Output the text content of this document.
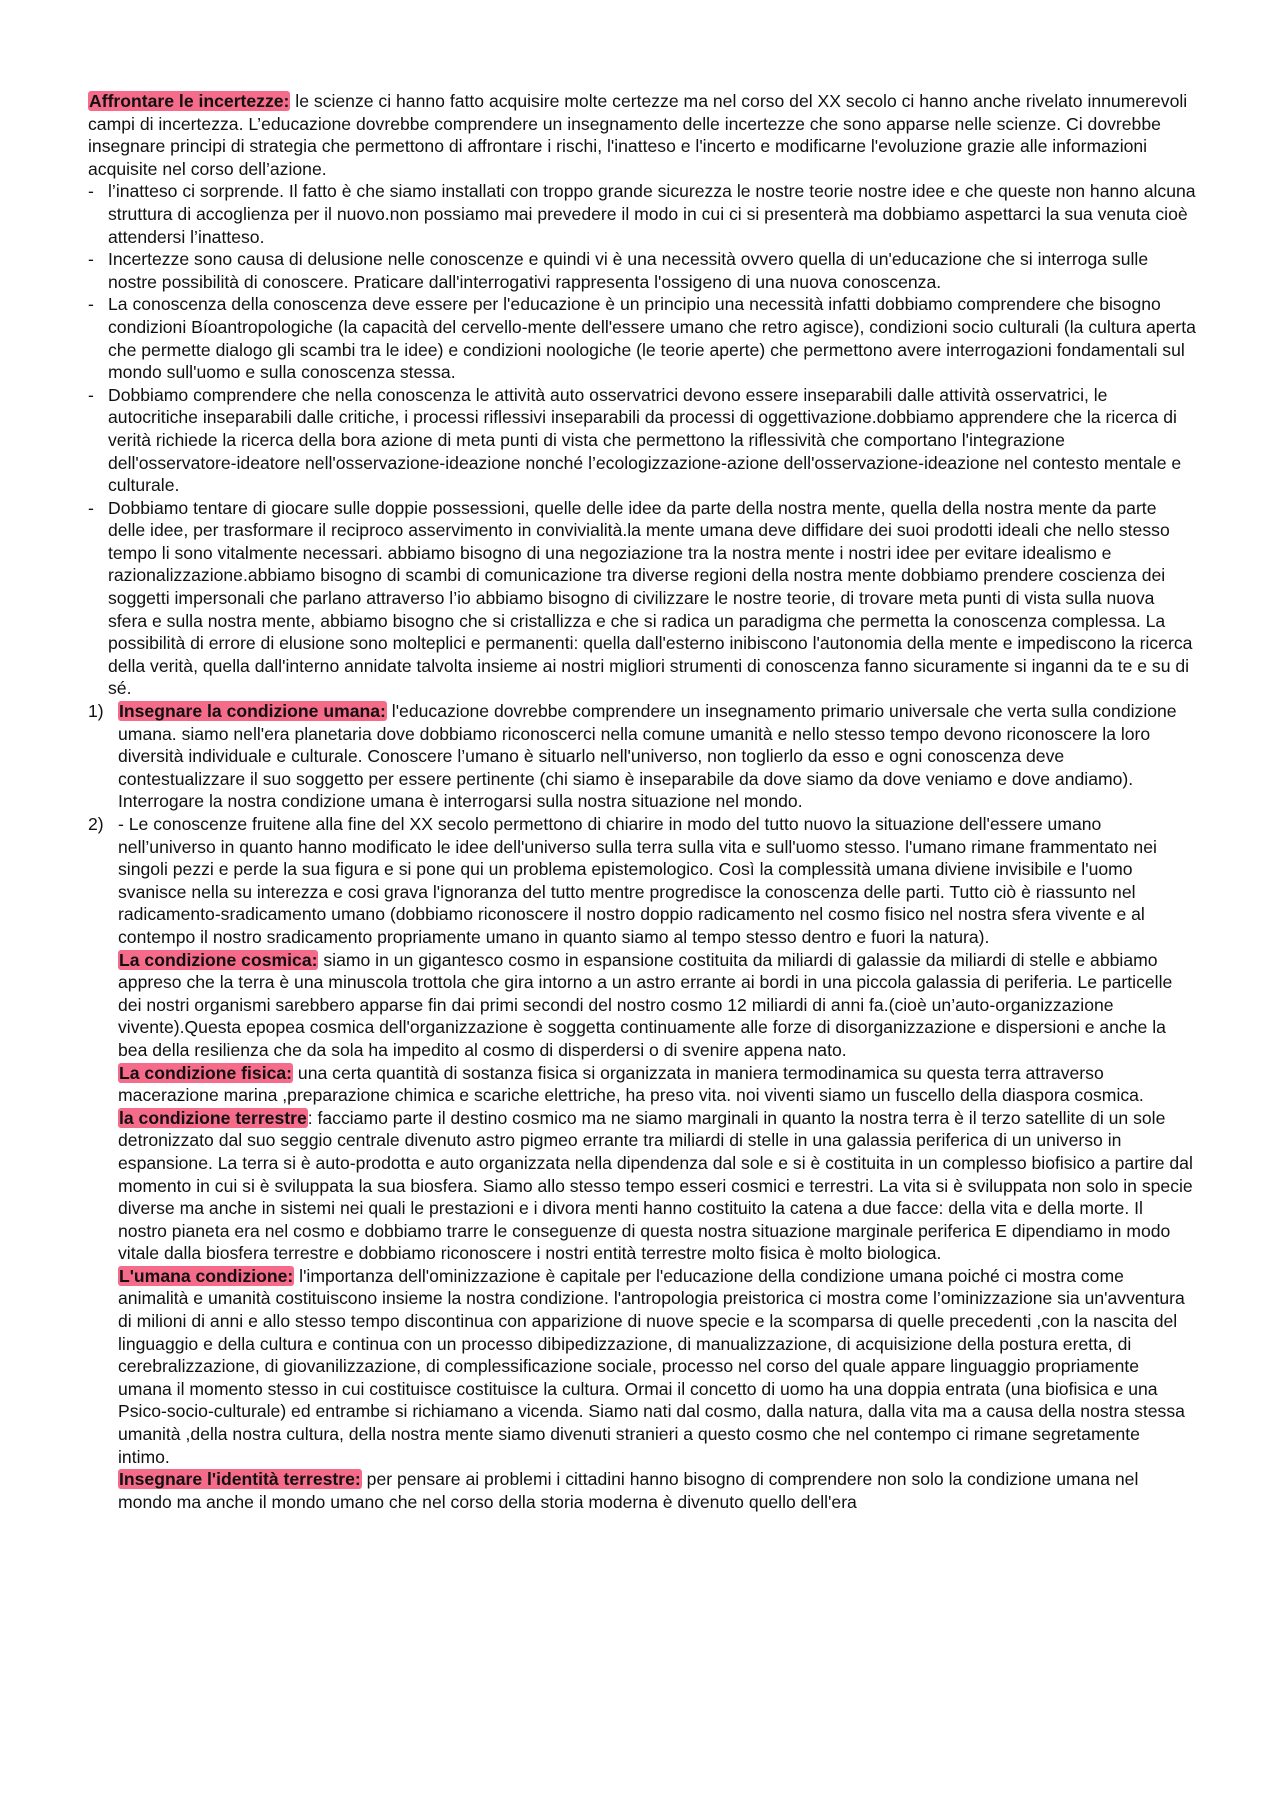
Affrontare le incertezze: le scienze ci hanno fatto acquisire molte certezze ma nel corso del XX secolo ci hanno anche rivelato innumerevoli campi di incertezza. L’educazione dovrebbe comprendere un insegnamento delle incertezze che sono apparse nelle scienze. Ci dovrebbe insegnare principi di strategia che permettono di affrontare i rischi, l'inatteso e l'incerto e modificarne l'evoluzione grazie alle informazioni acquisite nel corso dell’azione.

- l’inatteso ci sorprende. Il fatto è che siamo installati con troppo grande sicurezza le nostre teorie nostre idee e che queste non hanno alcuna struttura di accoglienza per il nuovo.non possiamo mai prevedere il modo in cui ci si presenterà ma dobbiamo aspettarci la sua venuta cioè attendersi l’inatteso.
- Incertezze sono causa di delusione nelle conoscenze e quindi vi è una necessità ovvero quella di un'educazione che si interroga sulle nostre possibilità di conoscere. Praticare dall'interrogativi rappresenta l'ossigeno di una nuova conoscenza.
- La conoscenza della conoscenza deve essere per l'educazione è un principio una necessità infatti dobbiamo comprendere che bisogno condizioni Bíoantropologiche (la capacità del cervello-mente dell'essere umano che retro agisce), condizioni socio culturali (la cultura aperta che permette dialogo gli scambi tra le idee) e condizioni noologiche (le teorie aperte) che permettono avere interrogazioni fondamentali sul mondo sull'uomo e sulla conoscenza stessa.
- Dobbiamo comprendere che nella conoscenza le attività auto osservatrici devono essere inseparabili dalle attività osservatrici, le autocritiche inseparabili dalle critiche, i processi riflessivi inseparabili da processi di oggettivazione.dobbiamo apprendere che la ricerca di verità richiede la ricerca della bora azione di meta punti di vista che permettono la riflessività che comportano l'integrazione dell'osservatore-ideatore nell'osservazione-ideazione nonché l’ecologizzazione-azione dell'osservazione-ideazione nel contesto mentale e culturale.
- Dobbiamo tentare di giocare sulle doppie possessioni, quelle delle idee da parte della nostra mente, quella della nostra mente da parte delle idee, per trasformare il reciproco asservimento in convivialità.la mente umana deve diffidare dei suoi prodotti ideali che nello stesso tempo li sono vitalmente necessari. abbiamo bisogno di una negoziazione tra la nostra mente i nostri idee per evitare idealismo e razionalizzazione.abbiamo bisogno di scambi di comunicazione tra diverse regioni della nostra mente dobbiamo prendere coscienza dei soggetti impersonali che parlano attraverso l’io abbiamo bisogno di civilizzare le nostre teorie, di trovare meta punti di vista sulla nuova sfera e sulla nostra mente, abbiamo bisogno che si cristallizza e che si radica un paradigma che permetta la conoscenza complessa. La possibilità di errore di elusione sono molteplici e permanenti: quella dall'esterno inibiscono l'autonomia della mente e impediscono la ricerca della verità, quella dall'interno annidate talvolta insieme ai nostri migliori strumenti di conoscenza fanno sicuramente si inganni da te e su di sé.
1) Insegnare la condizione umana: l'educazione dovrebbe comprendere un insegnamento primario universale che verta sulla condizione umana. siamo nell'era planetaria dove dobbiamo riconoscerci nella comune umanità e nello stesso tempo devono riconoscere la loro diversità individuale e culturale. Conoscere l’umano è situarlo nell'universo, non toglierlo da esso e ogni conoscenza deve contestualizzare il suo soggetto per essere pertinente (chi siamo è inseparabile da dove siamo da dove veniamo e dove andiamo). Interrogare la nostra condizione umana è interrogarsi sulla nostra situazione nel mondo.
2) - Le conoscenze fruitene alla fine del XX secolo permettono di chiarire in modo del tutto nuovo la situazione dell'essere umano nell’universo in quanto hanno modificato le idee dell'universo sulla terra sulla vita e sull'uomo stesso. l'umano rimane frammentato nei singoli pezzi e perde la sua figura e si pone qui un problema epistemologico. Così la complessità umana diviene invisibile e l'uomo svanisce nella su interezza e cosi grava l'ignoranza del tutto mentre progredisce la conoscenza delle parti. Tutto ciò è riassunto nel radicamento-sradicamento umano (dobbiamo riconoscere il nostro doppio radicamento nel cosmo fisico nel nostra sfera vivente e al contempo il nostro sradicamento propriamente umano in quanto siamo al tempo stesso dentro e fuori la natura).

La condizione cosmica: siamo in un gigantesco cosmo in espansione costituita da miliardi di galassie da miliardi di stelle e abbiamo appreso che la terra è una minuscola trottola che gira intorno a un astro errante ai bordi in una piccola galassia di periferia. Le particelle dei nostri organismi sarebbero apparse fin dai primi secondi del nostro cosmo 12 miliardi di anni fa.(cioè un’auto-organizzazione vivente).Questa epopea cosmica dell'organizzazione è soggetta continuamente alle forze di disorganizzazione e dispersioni e anche la bea della resilienza che da sola ha impedito al cosmo di disperdersi o di svenire appena nato.

La condizione fisica: una certa quantità di sostanza fisica si organizzata in maniera termodinamica su questa terra attraverso macerazione marina ,preparazione chimica e scariche elettriche, ha preso vita. noi viventi siamo un fuscello della diaspora cosmica.

la condizione terrestre: facciamo parte il destino cosmico ma ne siamo marginali in quanto la nostra terra è il terzo satellite di un sole detronizzato dal suo seggio centrale divenuto astro pigmeo errante tra miliardi di stelle in una galassia periferica di un universo in espansione. La terra si è auto-prodotta e auto organizzata nella dipendenza dal sole e si è costituita in un complesso biofisico a partire dal momento in cui si è sviluppata la sua biosfera. Siamo allo stesso tempo esseri cosmici e terrestri. La vita si è sviluppata non solo in specie diverse ma anche in sistemi nei quali le prestazioni e i divora menti hanno costituito la catena a due facce: della vita e della morte. Il nostro pianeta era nel cosmo e dobbiamo trarre le conseguenze di questa nostra situazione marginale periferica E dipendiamo in modo vitale dalla biosfera terrestre e dobbiamo riconoscere i nostri entità terrestre molto fisica è molto biologica.

L'umana condizione: l'importanza dell'ominizzazione è capitale per l'educazione della condizione umana poiché ci mostra come animalità e umanità costituiscono insieme la nostra condizione. l'antropologia preistorica ci mostra come l’ominizzazione sia un'avventura di milioni di anni e allo stesso tempo discontinua con apparizione di nuove specie e la scomparsa di quelle precedenti ,con la nascita del linguaggio e della cultura e continua con un processo dibipedizzazione, di manualizzazione, di acquisizione della postura eretta, di cerebralizzazione, di giovanilizzazione, di complessificazione sociale, processo nel corso del quale appare linguaggio propriamente umana il momento stesso in cui costituisce costituisce la cultura. Ormai il concetto di uomo ha una doppia entrata (una biofisica e una Psico-socio-culturale) ed entrambe si richiamano a vicenda. Siamo nati dal cosmo, dalla natura, dalla vita ma a causa della nostra stessa umanità ,della nostra cultura, della nostra mente siamo divenuti stranieri a questo cosmo che nel contempo ci rimane segretamente intimo.

Insegnare l'identità terrestre: per pensare ai problemi i cittadini hanno bisogno di comprendere non solo la condizione umana nel mondo ma anche il mondo umano che nel corso della storia moderna è divenuto quello dell'era
